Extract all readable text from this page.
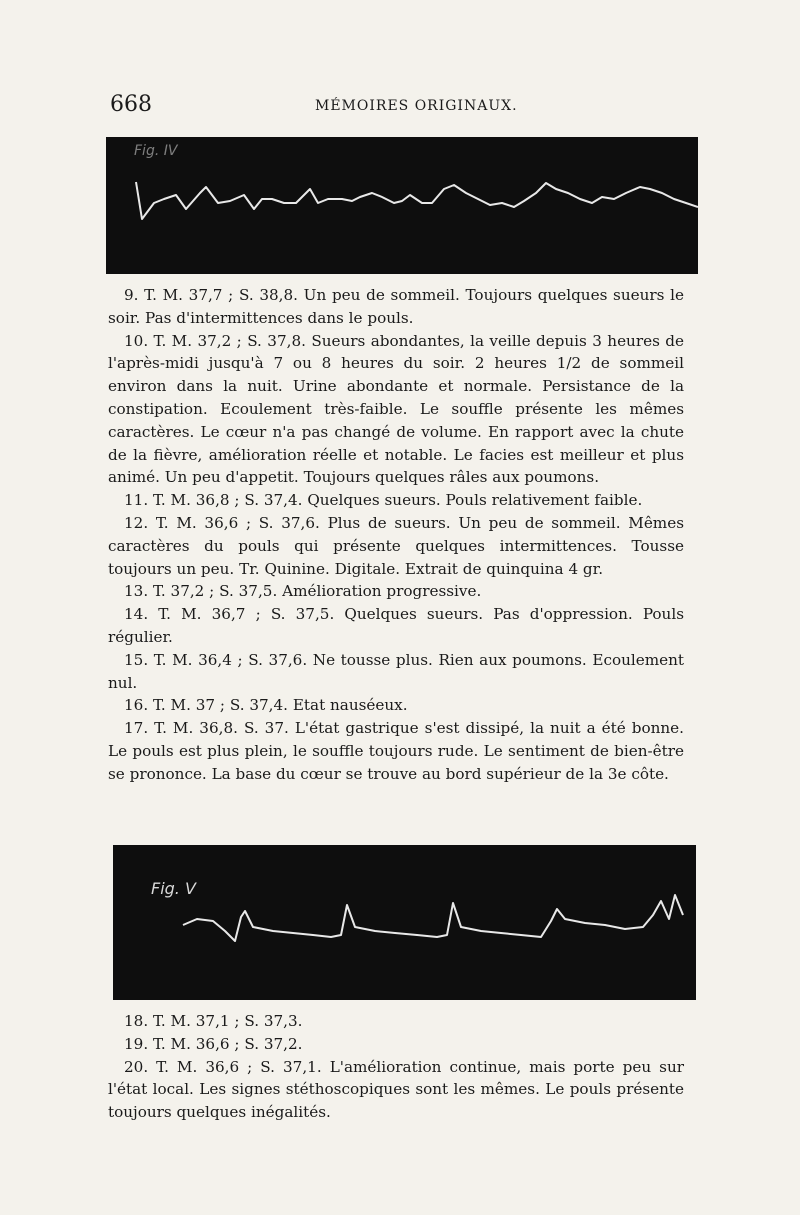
668	MÉMOIRES ORIGINAUX.
Fig. IV

9. T. M. 37,7 ; S. 38,8. Un peu de sommeil. Toujours quelques sueurs le soir. Pas d'intermittences dans le pouls.

10. T. M. 37,2 ; S. 37,8. Sueurs abondantes, la veille depuis 3 heures de l'après-midi jusqu'à 7 ou 8 heures du soir. 2 heures 1/2 de sommeil environ dans la nuit. Urine abondante et normale. Persistance de la constipation. Ecoulement très-faible. Le souffle présente les mêmes caractères. Le cœur n'a pas changé de volume. En rapport avec la chute de la fièvre, amélioration réelle et notable. Le facies est meilleur et plus animé. Un peu d'appetit. Toujours quelques râles aux poumons.

11. T. M. 36,8 ; S. 37,4. Quelques sueurs. Pouls relativement faible.

12. T. M. 36,6 ; S. 37,6. Plus de sueurs. Un peu de sommeil. Mêmes caractères du pouls qui présente quelques intermittences. Tousse toujours un peu. Tr. Quinine. Digitale. Extrait de quinquina 4 gr.

13. T. 37,2 ; S. 37,5. Amélioration progressive.

14. T. M. 36,7 ; S. 37,5. Quelques sueurs. Pas d'oppression. Pouls régulier.

15. T. M. 36,4 ; S. 37,6. Ne tousse plus. Rien aux poumons. Ecoulement nul.

16. T. M. 37 ; S. 37,4. Etat nauséeux.

17. T. M. 36,8. S. 37. L'état gastrique s'est dissipé, la nuit a été bonne. Le pouls est plus plein, le souffle toujours rude. Le sentiment de bien-être se prononce. La base du cœur se trouve au bord supérieur de la 3e côte.

Fig. V

18. T. M. 37,1 ; S. 37,3.

19. T. M. 36,6 ; S. 37,2.

20. T. M. 36,6 ; S. 37,1. L'amélioration continue, mais porte peu sur l'état local. Les signes stéthoscopiques sont les mêmes. Le pouls présente toujours quelques inégalités.
